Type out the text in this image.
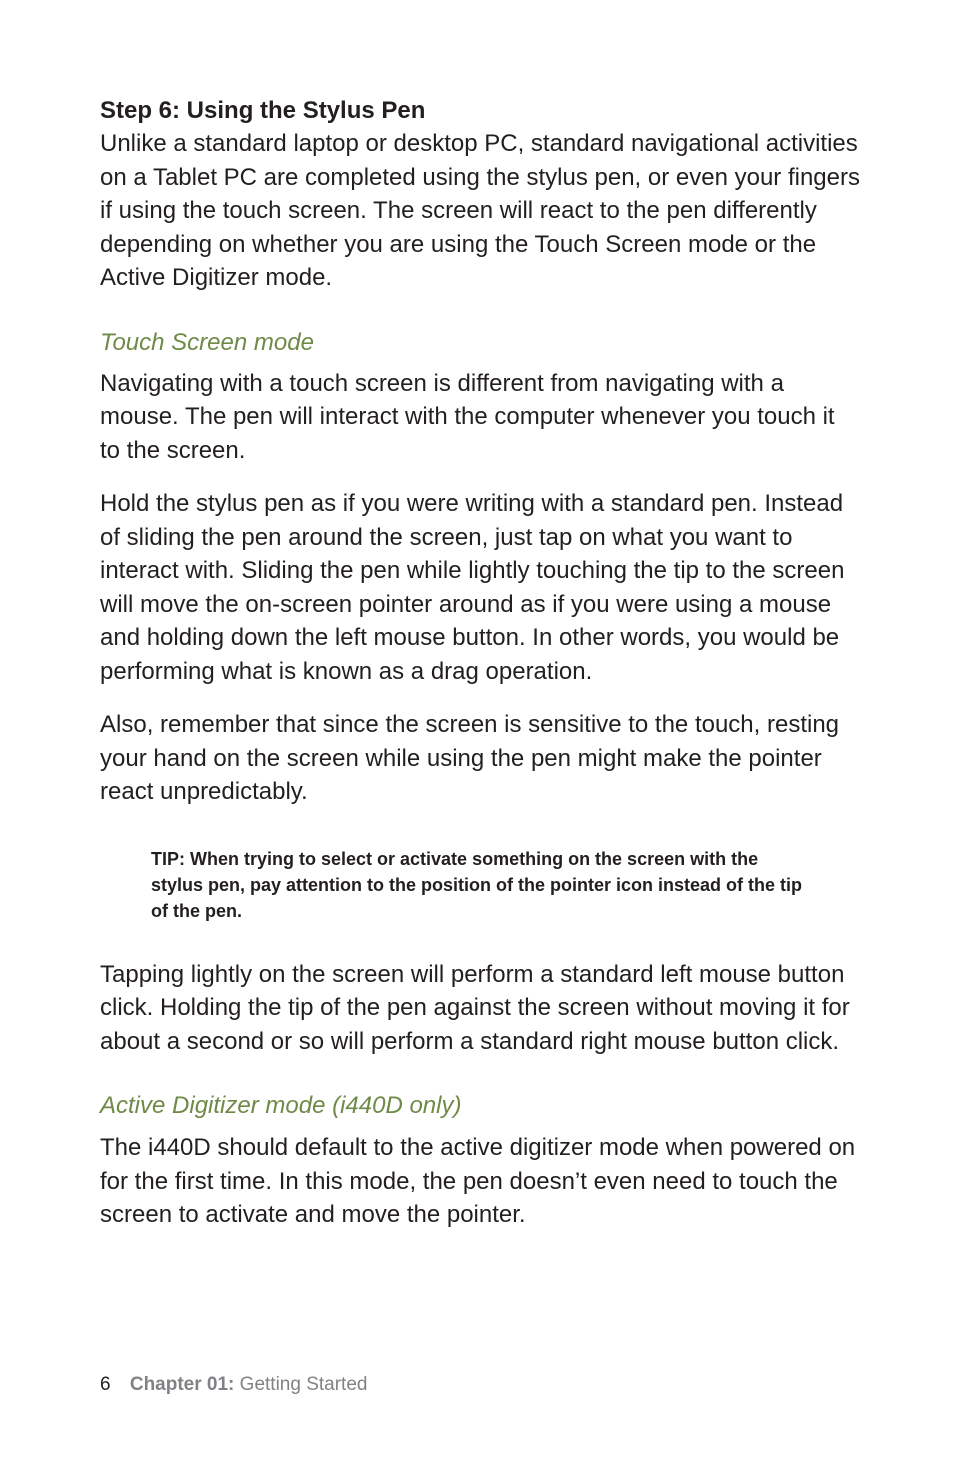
Step 6: Using the Stylus Pen

Unlike a standard laptop or desktop PC, standard navigational activities on a Tablet PC are completed using the stylus pen, or even your fingers if using the touch screen. The screen will react to the pen differently depending on whether you are using the Touch Screen mode or the Active Digitizer mode.

Touch Screen mode

Navigating with a touch screen is different from navigating with a mouse. The pen will interact with the computer whenever you touch it to the screen.

Hold the stylus pen as if you were writing with a standard pen. Instead of sliding the pen around the screen, just tap on what you want to interact with. Sliding the pen while lightly touching the tip to the screen will move the on-screen pointer around as if you were using a mouse and holding down the left mouse button. In other words, you would be performing what is known as a drag operation.

Also, remember that since the screen is sensitive to the touch, resting your hand on the screen while using the pen might make the pointer react unpredictably.

TIP: When trying to select or activate something on the screen with the stylus pen, pay attention to the position of the pointer icon instead of the tip of the pen.

Tapping lightly on the screen will perform a standard left mouse button click. Holding the tip of the pen against the screen without moving it for about a second or so will perform a standard right mouse button click.

Active Digitizer mode (i440D only)

The i440D should default to the active digitizer mode when powered on for the first time. In this mode, the pen doesn’t even need to touch the screen to activate and move the pointer.

6 Chapter 01: Getting Started
